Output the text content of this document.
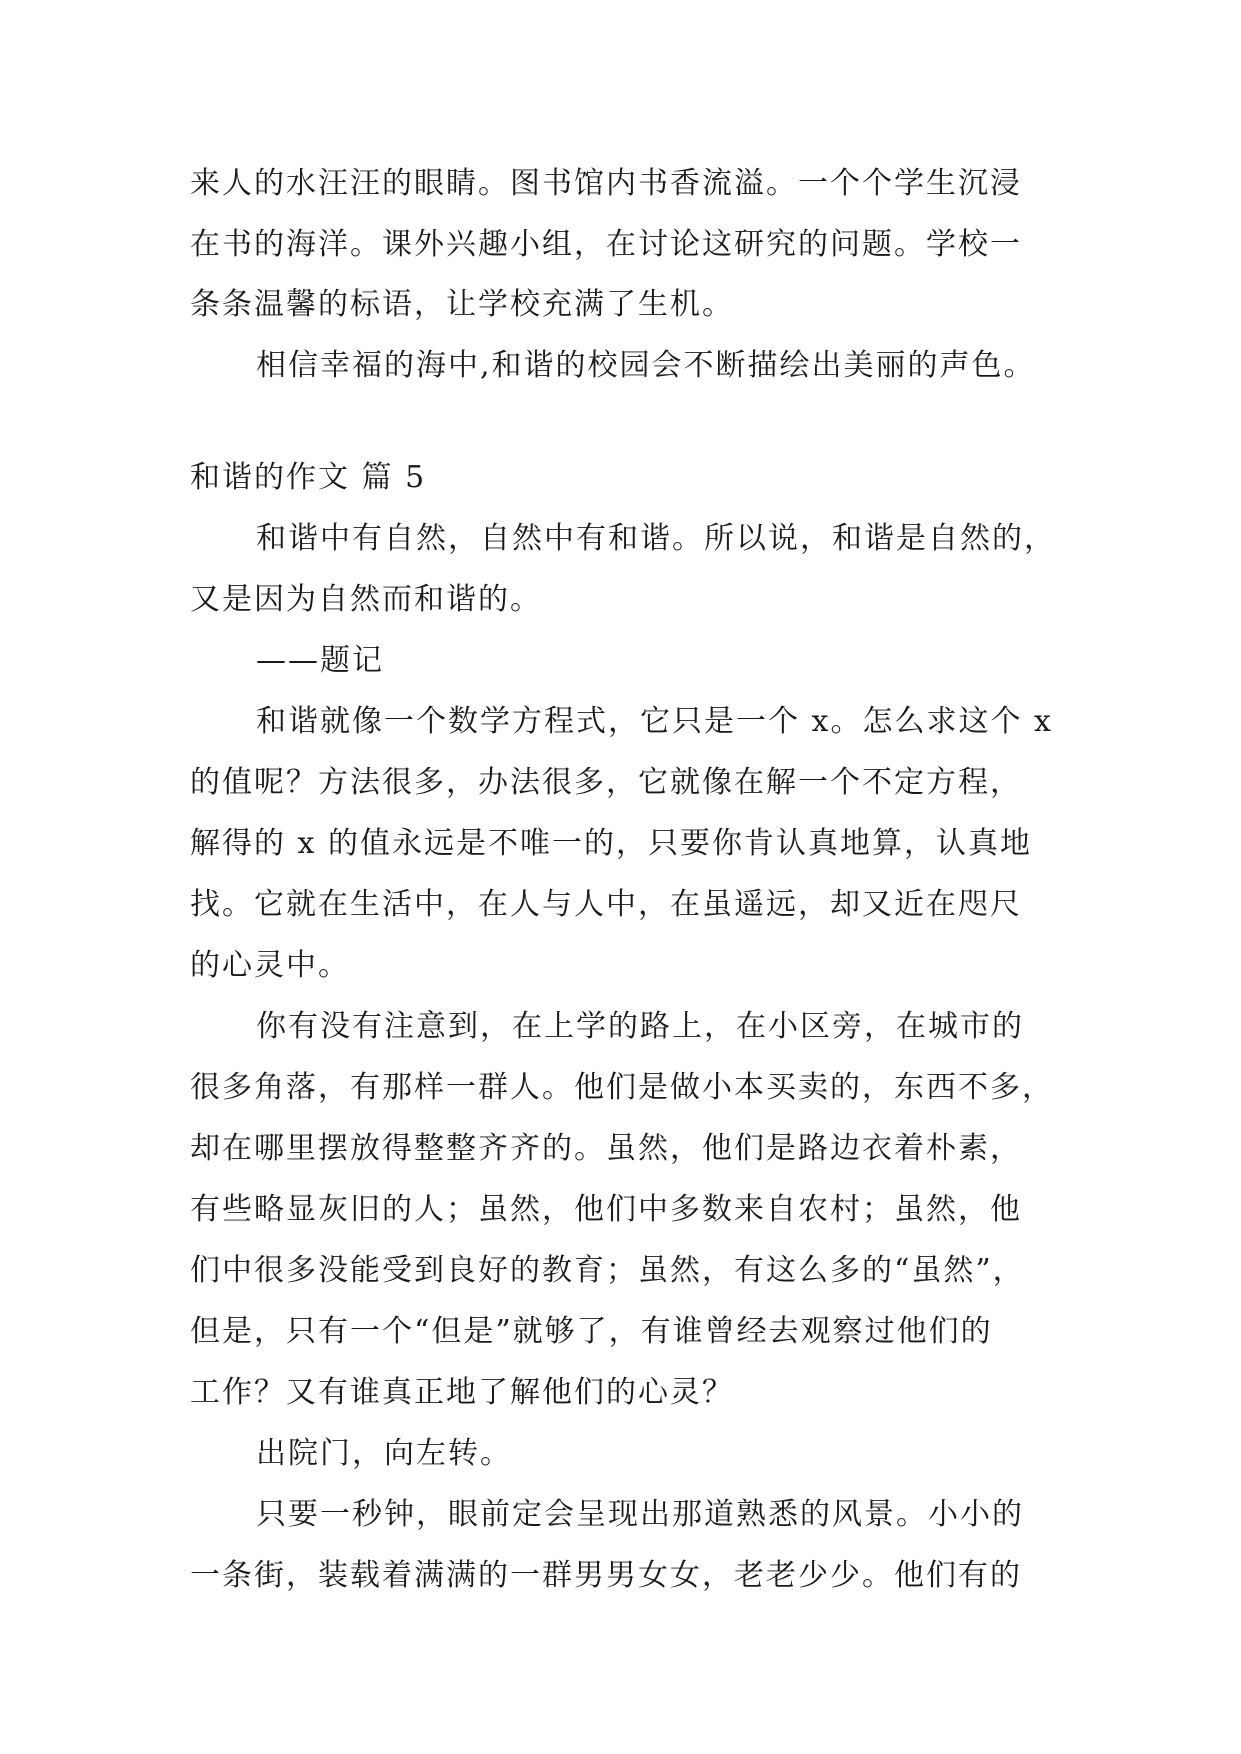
来人的水汪汪的眼睛。图书馆内书香流溢。一个个学生沉浸
在书的海洋。课外兴趣小组，在讨论这研究的问题。学校一
条条温馨的标语，让学校充满了生机。
相信幸福的海中,和谐的校园会不断描绘出美丽的声色。
和谐的作文 篇 5
和谐中有自然，自然中有和谐。所以说，和谐是自然的，
又是因为自然而和谐的。
——题记
和谐就像一个数学方程式，它只是一个 x。怎么求这个 x
的值呢？方法很多，办法很多，它就像在解一个不定方程，
解得的 x 的值永远是不唯一的，只要你肯认真地算，认真地
找。它就在生活中，在人与人中，在虽遥远，却又近在咫尺
的心灵中。
你有没有注意到，在上学的路上，在小区旁，在城市的
很多角落，有那样一群人。他们是做小本买卖的，东西不多，
却在哪里摆放得整整齐齐的。虽然，他们是路边衣着朴素，
有些略显灰旧的人；虽然，他们中多数来自农村；虽然，他
们中很多没能受到良好的教育；虽然，有这么多的“虽然”，
但是，只有一个“但是”就够了，有谁曾经去观察过他们的
工作？又有谁真正地了解他们的心灵？
出院门，向左转。
只要一秒钟，眼前定会呈现出那道熟悉的风景。小小的
一条街，装载着满满的一群男男女女，老老少少。他们有的
